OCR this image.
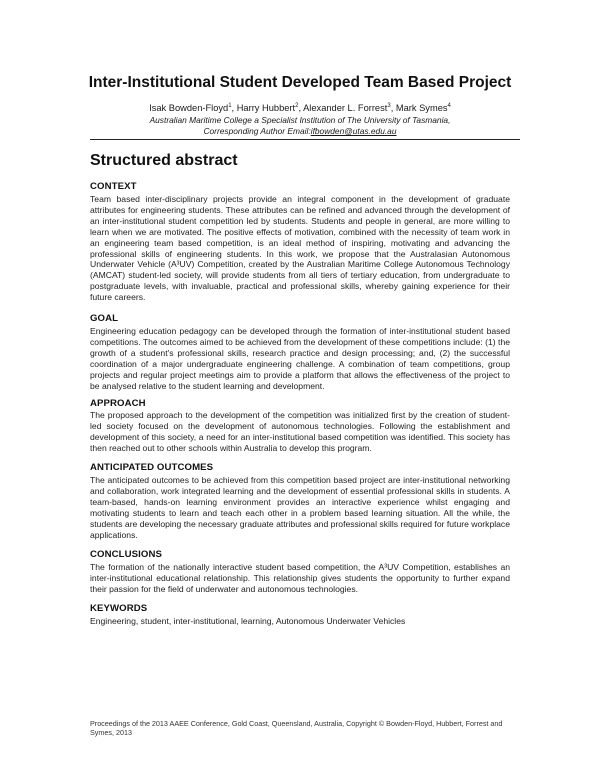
Inter-Institutional Student Developed Team Based Project
Isak Bowden-Floyd$^1$, Harry Hubbert$^2$, Alexander L. Forrest$^3$, Mark Symes$^4$
Australian Maritime College a Specialist Institution of The University of Tasmania,
Corresponding Author Email:ifbowden@utas.edu.au
Structured abstract
CONTEXT

Team based inter-disciplinary projects provide an integral component in the development of graduate attributes for engineering students. These attributes can be refined and advanced through the development of an inter-institutional student competition led by students. Students and people in general, are more willing to learn when we are motivated. The positive effects of motivation, combined with the necessity of team work in an engineering team based competition, is an ideal method of inspiring, motivating and advancing the professional skills of engineering students. In this work, we propose that the Australasian Autonomous Underwater Vehicle (A³UV) Competition, created by the Australian Maritime College Autonomous Technology (AMCAT) student-led society, will provide students from all tiers of tertiary education, from undergraduate to postgraduate levels, with invaluable, practical and professional skills, whereby gaining experience for their future careers.

GOAL

Engineering education pedagogy can be developed through the formation of inter-institutional student based competitions. The outcomes aimed to be achieved from the development of these competitions include: (1) the growth of a student's professional skills, research practice and design processing; and, (2) the successful coordination of a major undergraduate engineering challenge. A combination of team competitions, group projects and regular project meetings aim to provide a platform that allows the effectiveness of the project to be analysed relative to the student learning and development.

APPROACH

The proposed approach to the development of the competition was initialized first by the creation of student-led society focused on the development of autonomous technologies. Following the establishment and development of this society, a need for an inter-institutional based competition was identified. This society has then reached out to other schools within Australia to develop this program.

ANTICIPATED OUTCOMES

The anticipated outcomes to be achieved from this competition based project are inter-institutional networking and collaboration, work integrated learning and the development of essential professional skills in students. A team-based, hands-on learning environment provides an interactive experience whilst engaging and motivating students to learn and teach each other in a problem based learning situation. All the while, the students are developing the necessary graduate attributes and professional skills required for future workplace applications.

CONCLUSIONS

The formation of the nationally interactive student based competition, the A³UV Competition, establishes an inter-institutional educational relationship. This relationship gives students the opportunity to further expand their passion for the field of underwater and autonomous technologies.

KEYWORDS

Engineering, student, inter-institutional, learning, Autonomous Underwater Vehicles

Proceedings of the 2013 AAEE Conference, Gold Coast, Queensland, Australia, Copyright © Bowden-Floyd, Hubbert, Forrest and Symes, 2013
